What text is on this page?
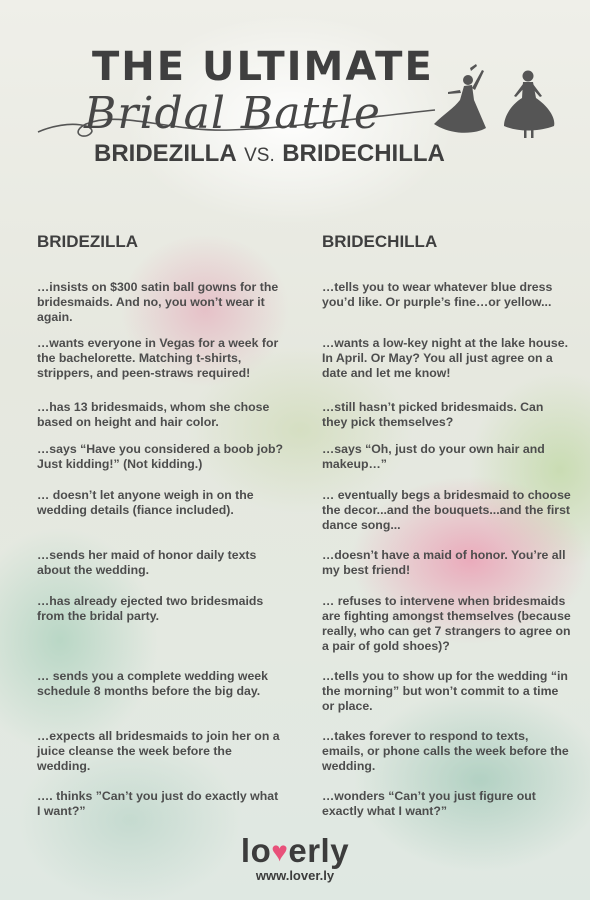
THE ULTIMATE
Bridal Battle
BRIDEZILLA VS. BRIDECHILLA
BRIDEZILLA
…insists on $300 satin ball gowns for the bridesmaids. And no, you won’t wear it again.
…wants everyone in Vegas for a week for the bachelorette. Matching t-shirts, strippers, and peen-straws required!
…has 13 bridesmaids, whom she chose based on height and hair color.
…says “Have you considered a boob job? Just kidding!” (Not kidding.)
… doesn’t let anyone weigh in on the wedding details (fiance included).
…sends her maid of honor daily texts about the wedding.
…has already ejected two bridesmaids from the bridal party.
… sends you a complete wedding week schedule 8 months before the big day.
…expects all bridesmaids to join her on a juice cleanse the week before the wedding.
…. thinks ”Can’t you just do exactly what I want?”
BRIDECHILLA
…tells you to wear whatever blue dress you’d like. Or purple’s fine…or yellow...
…wants a low-key night at the lake house. In April. Or May? You all just agree on a date and let me know!
…still hasn’t picked bridesmaids. Can they pick themselves?
…says “Oh, just do your own hair and makeup…”
… eventually begs a bridesmaid to choose the decor...and the bouquets...and the first dance song...
…doesn’t have a maid of honor. You’re all my best friend!
… refuses to intervene when bridesmaids are fighting amongst themselves (because really, who can get 7 strangers to agree on a pair of gold shoes)?
…tells you to show up for the wedding “in the morning” but won’t commit to a time or place.
…takes forever to respond to texts, emails, or phone calls the week before the wedding.
…wonders “Can’t you just figure out exactly what I want?”
lo♥erly
www.lover.ly
